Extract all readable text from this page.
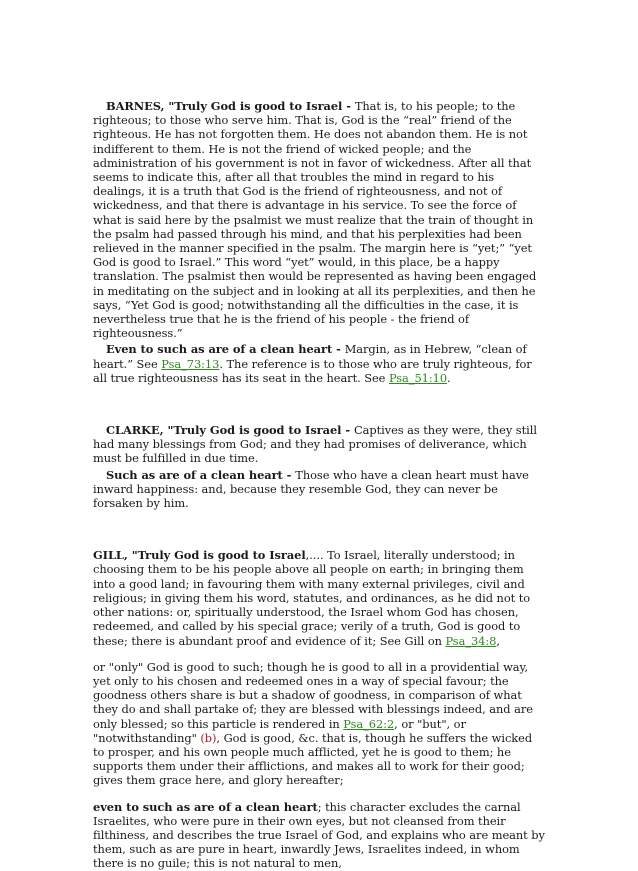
BARNES, "Truly God is good to Israel - That is, to his people; to the righteous; to those who serve him. That is, God is the “real” friend of the righteous. He has not forgotten them. He does not abandon them. He is not indifferent to them. He is not the friend of wicked people; and the administration of his government is not in favor of wickedness. After all that seems to indicate this, after all that troubles the mind in regard to his dealings, it is a truth that God is the friend of righteousness, and not of wickedness, and that there is advantage in his service. To see the force of what is said here by the psalmist we must realize that the train of thought in the psalm had passed through his mind, and that his perplexities had been relieved in the manner specified in the psalm. The margin here is “yet;” “yet God is good to Israel.” This word “yet” would, in this place, be a happy translation. The psalmist then would be represented as having been engaged in meditating on the subject and in looking at all its perplexities, and then he says, “Yet God is good; notwithstanding all the difficulties in the case, it is nevertheless true that he is the friend of his people - the friend of righteousness.”

Even to such as are of a clean heart - Margin, as in Hebrew, “clean of heart.” See Psa_73:13. The reference is to those who are truly righteous, for all true righteousness has its seat in the heart. See Psa_51:10.

CLARKE, "Truly God is good to Israel - Captives as they were, they still had many blessings from God; and they had promises of deliverance, which must be fulfilled in due time.

Such as are of a clean heart - Those who have a clean heart must have inward happiness: and, because they resemble God, they can never be forsaken by him.

GILL, "Truly God is good to Israel,.... To Israel, literally understood; in choosing them to be his people above all people on earth; in bringing them into a good land; in favouring them with many external privileges, civil and religious; in giving them his word, statutes, and ordinances, as he did not to other nations: or, spiritually understood, the Israel whom God has chosen, redeemed, and called by his special grace; verily of a truth, God is good to these; there is abundant proof and evidence of it; See Gill on Psa_34:8,

or "only" God is good to such; though he is good to all in a providential way, yet only to his chosen and redeemed ones in a way of special favour; the goodness others share is but a shadow of goodness, in comparison of what they do and shall partake of; they are blessed with blessings indeed, and are only blessed; so this particle is rendered in Psa_62:2, or "but", or "notwithstanding" (b), God is good, &c. that is, though he suffers the wicked to prosper, and his own people much afflicted, yet he is good to them; he supports them under their afflictions, and makes all to work for their good; gives them grace here, and glory hereafter;

even to such as are of a clean heart; this character excludes the carnal Israelites, who were pure in their own eyes, but not cleansed from their filthiness, and describes the true Israel of God, and explains who are meant by them, such as are pure in heart, inwardly Jews, Israelites indeed, in whom there is no guile; this is not natural to men,
